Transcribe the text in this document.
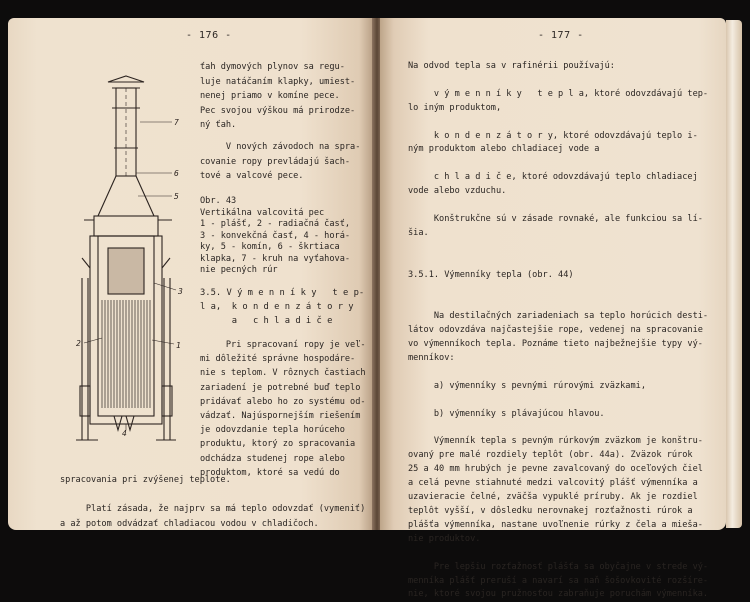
- 176 -
7
6
5
3
2	1
4
ťah dymových plynov sa regu-
luje natáčaním klapky, umiest-
nenej priamo v komíne pece.
Pec svojou výškou má prirodze-
ný ťah.
V nových závodoch na spra-
covanie ropy prevládajú šach-
tové a valcové pece.
Obr. 43
Vertikálna valcovitá pec
1 - plášť, 2 - radiačná časť,
3 - konvekčná časť, 4 - horá-
ky, 5 - komín, 6 - škrtiaca
klapka, 7 - kruh na vyťahova-
nie pecných rúr
3.5. V ý m e n n í k y   t e p-
l a,  k o n d e n z á t o r y
a   c h l a d i č e
Pri spracovaní ropy je veľ-
mi dôležité správne hospodáre-
nie s teplom. V rôznych častiach
zariadení je potrebné buď teplo
pridávať alebo ho zo systému od-
vádzať. Najúspornejším riešením
je odovzdanie tepla horúceho
produktu, ktorý zo spracovania
odchádza studenej rope alebo
produktom, ktoré sa vedú do
spracovania pri zvýšenej teplote.

Platí zásada, že najprv sa má teplo odovzdať (vymeniť)
a až potom odvádzať chladiacou vodou v chladičoch.
- 177 -
Na odvod tepla sa v rafinérii používajú:

v ý m e n n í k y   t e p l a, ktoré odovzdávajú tep-
lo iným produktom,

k o n d e n z á t o r y, ktoré odovzdávajú teplo i-
ným produktom alebo chladiacej vode a

c h l a d i č e, ktoré odovzdávajú teplo chladiacej
vode alebo vzduchu.

Konštrukčne sú v zásade rovnaké, ale funkciou sa lí-
šia.

3.5.1. Výmenníky tepla (obr. 44)

Na destilačných zariadeniach sa teplo horúcich desti-
látov odovzdáva najčastejšie rope, vedenej na spracovanie
vo výmenníkoch tepla. Poznáme tieto najbežnejšie typy vý-
menníkov:

a) výmenníky s pevnými rúrovými zväzkami,

b) výmenníky s plávajúcou hlavou.

Výmenník tepla s pevným rúrkovým zväzkom je konštru-
ovaný pre malé rozdiely teplôt (obr. 44a). Zväzok rúrok
25 a 40 mm hrubých je pevne zavalcovaný do oceľových čiel
a celá pevne stiahnuté medzi valcovitý plášť výmenníka a
uzavieracie čelné, zväčša vypuklé príruby. Ak je rozdiel
teplôt vyšší, v dôsledku nerovnakej rozťažnosti rúrok a
plášťa výmenníka, nastane uvoľnenie rúrky z čela a miešа-
nie produktov.

Pre lepšiu rozťažnosť plášťa sa obyčajne v strede vý-
menníka plášť preruší a navarí sa naň šošovkovité rozšíre-
nie, ktoré svojou pružnosťou zabraňuje poruchám výmenníka.
